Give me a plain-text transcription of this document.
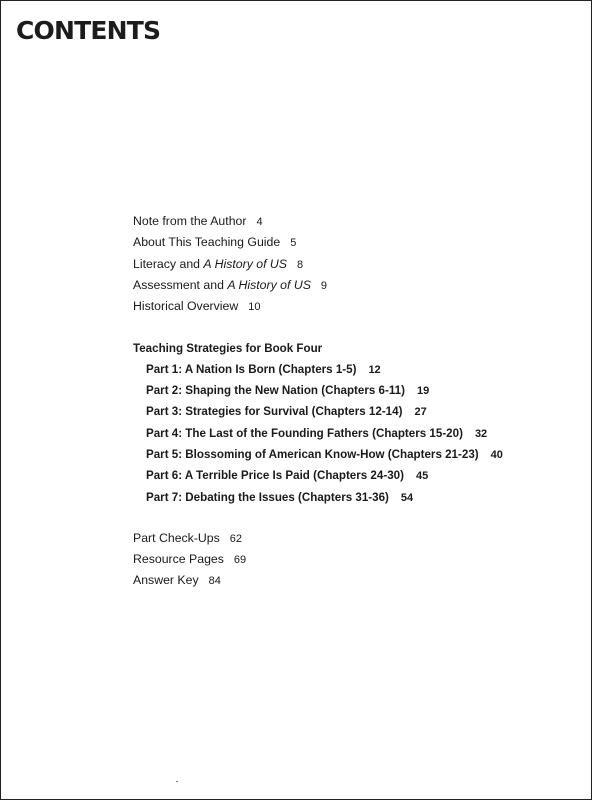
CONTENTS
Note from the Author 4
About This Teaching Guide 5
Literacy and A History of US 8
Assessment and A History of US 9
Historical Overview 10
Teaching Strategies for Book Four
Part 1: A Nation Is Born (Chapters 1-5) 12
Part 2: Shaping the New Nation (Chapters 6-11) 19
Part 3: Strategies for Survival (Chapters 12-14) 27
Part 4: The Last of the Founding Fathers (Chapters 15-20) 32
Part 5: Blossoming of American Know-How (Chapters 21-23) 40
Part 6: A Terrible Price Is Paid (Chapters 24-30) 45
Part 7: Debating the Issues (Chapters 31-36) 54
Part Check-Ups 62
Resource Pages 69
Answer Key 84
